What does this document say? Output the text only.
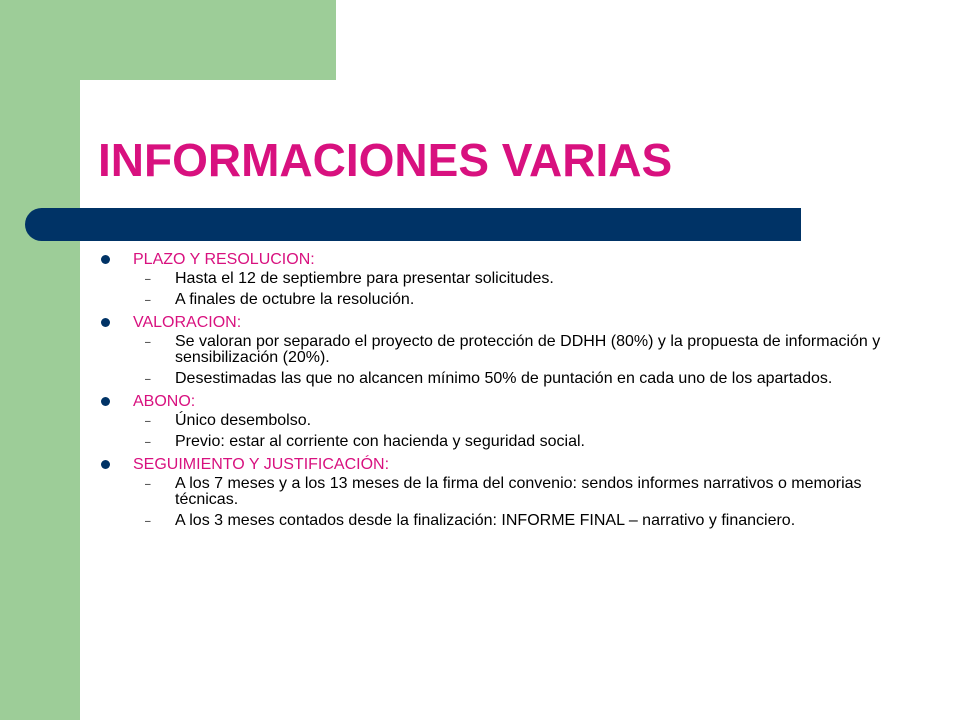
INFORMACIONES VARIAS
PLAZO Y RESOLUCION:
– Hasta el 12 de septiembre para presentar solicitudes.
– A finales de octubre la resolución.
VALORACION:
– Se valoran por separado el proyecto de protección de DDHH (80%) y la propuesta de información y sensibilización (20%).
– Desestimadas las que no alcancen mínimo 50% de puntación en cada uno de los apartados.
ABONO:
– Único desembolso.
– Previo: estar al corriente con hacienda y seguridad social.
SEGUIMIENTO Y JUSTIFICACIÓN:
– A los 7 meses y a los 13 meses de la firma del convenio: sendos informes narrativos o memorias técnicas.
– A los 3 meses contados desde la finalización: INFORME FINAL – narrativo y financiero.
